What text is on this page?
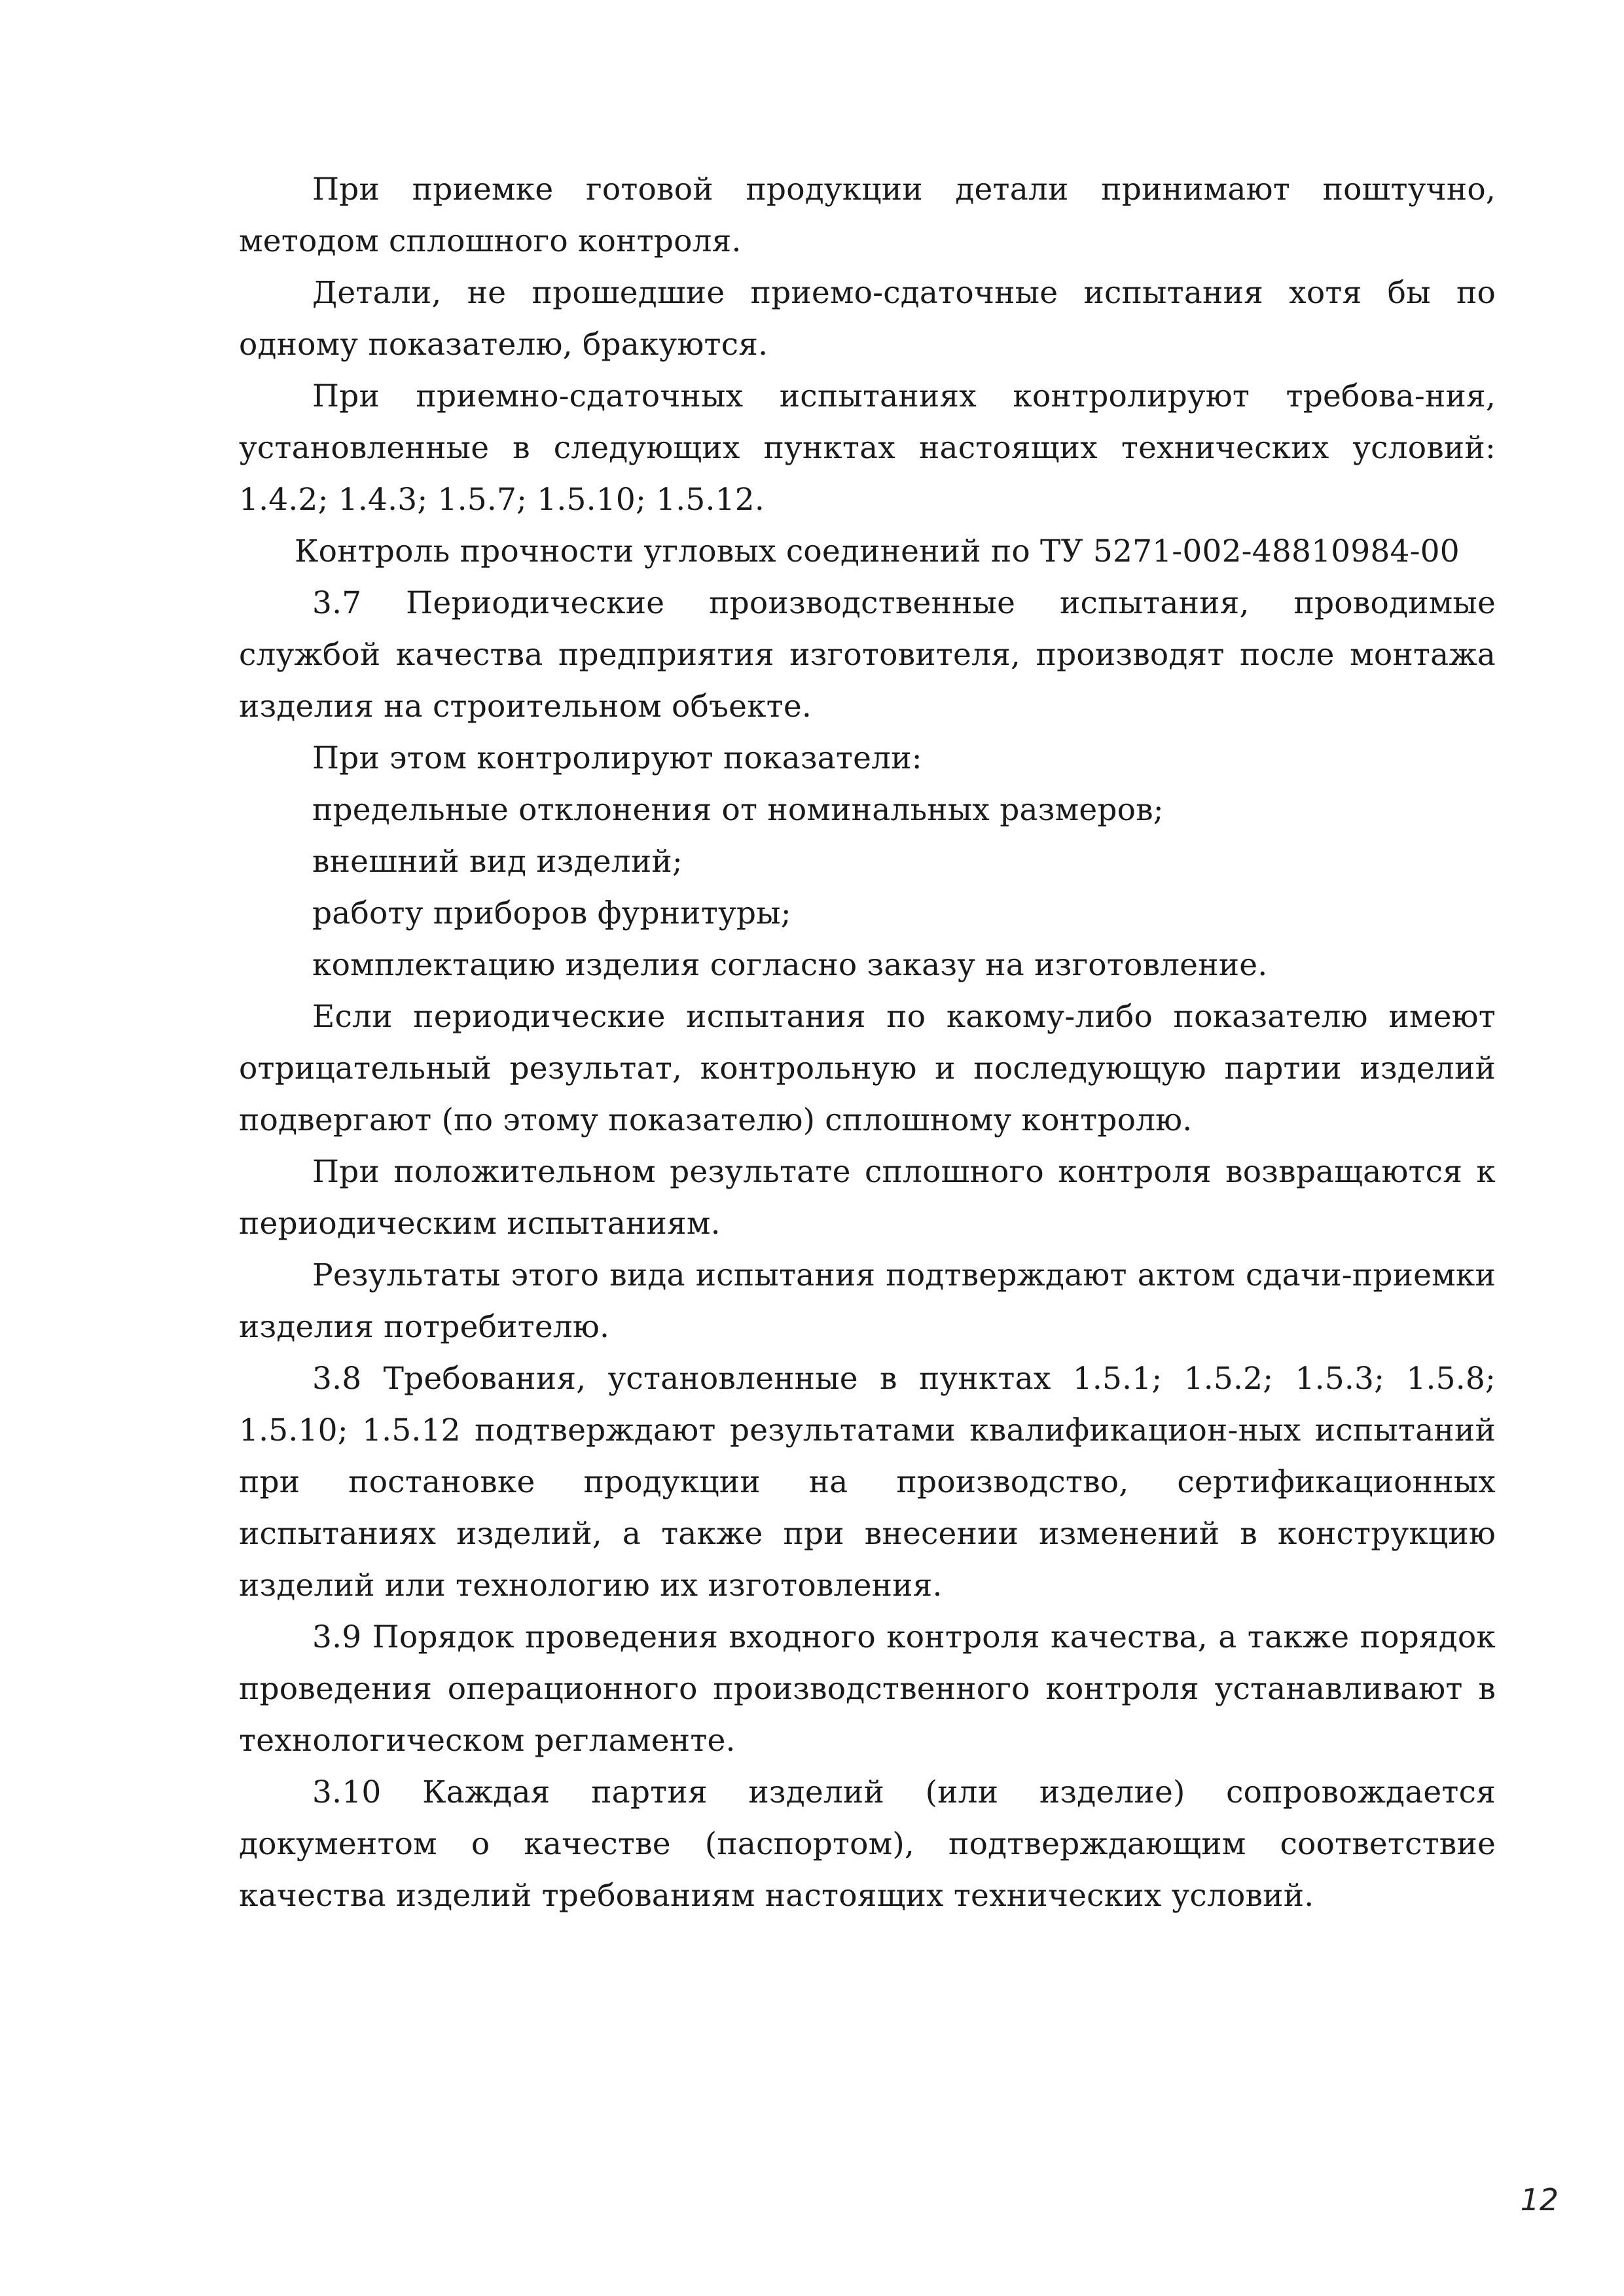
При приемке готовой продукции детали принимают поштучно, методом сплошного контроля.

Детали, не прошедшие приемо-сдаточные испытания хотя бы по одному показателю, бракуются.

При приемно-сдаточных испытаниях контролируют требова-ния, установленные в следующих пунктах настоящих технических условий: 1.4.2; 1.4.3; 1.5.7; 1.5.10; 1.5.12.

Контроль прочности угловых соединений по ТУ 5271-002-48810984-00

3.7 Периодические производственные испытания, проводимые службой качества предприятия изготовителя, производят после монтажа изделия на строительном объекте.

При этом контролируют показатели:

предельные отклонения от номинальных размеров;

внешний вид изделий;

работу приборов фурнитуры;

комплектацию изделия согласно заказу на изготовление.

Если периодические испытания по какому-либо показателю имеют отрицательный результат, контрольную и последующую партии изделий подвергают (по этому показателю) сплошному контролю.

При положительном результате сплошного контроля возвращаются к периодическим испытаниям.

Результаты этого вида испытания подтверждают актом сдачи-приемки изделия потребителю.

3.8 Требования, установленные в пунктах 1.5.1; 1.5.2; 1.5.3; 1.5.8; 1.5.10; 1.5.12 подтверждают результатами квалификацион-ных испытаний при постановке продукции на производство, сертификационных испытаниях изделий, а также при внесении изменений в конструкцию изделий или технологию их изготовления.

3.9 Порядок проведения входного контроля качества, а также порядок проведения операционного производственного контроля устанавливают в технологическом регламенте.

3.10 Каждая партия изделий (или изделие) сопровождается документом о качестве (паспортом), подтверждающим соответствие качества изделий требованиям настоящих технических условий.

12
